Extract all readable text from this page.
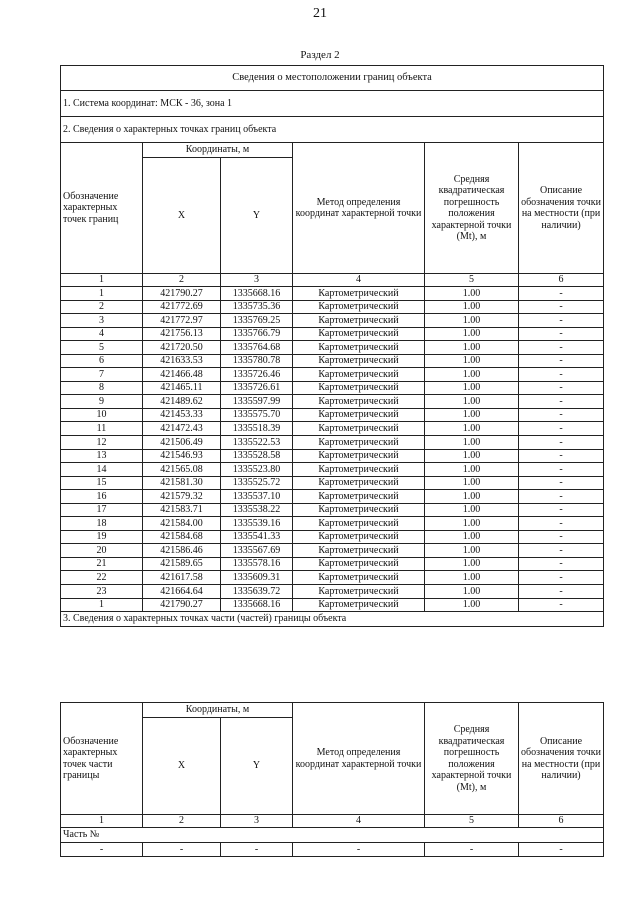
21
Раздел 2
Сведения о местоположении границ объекта					
1. Система координат: МСК - 36, зона 1					
2. Сведения о характерных точках границ объекта					
Обозначение характерных точек границ	Координаты, м		Метод определения координат характерной точки	Средняя квадратическая погрешность положения характерной точки (Mt), м	Описание обозначения точки на местности (при наличии)
	X	Y			
1	2	3	4	5	6
1	421790.27	1335668.16	Картометрический	1.00	-
2	421772.69	1335735.36	Картометрический	1.00	-
3	421772.97	1335769.25	Картометрический	1.00	-
4	421756.13	1335766.79	Картометрический	1.00	-
5	421720.50	1335764.68	Картометрический	1.00	-
6	421633.53	1335780.78	Картометрический	1.00	-
7	421466.48	1335726.46	Картометрический	1.00	-
8	421465.11	1335726.61	Картометрический	1.00	-
9	421489.62	1335597.99	Картометрический	1.00	-
10	421453.33	1335575.70	Картометрический	1.00	-
11	421472.43	1335518.39	Картометрический	1.00	-
12	421506.49	1335522.53	Картометрический	1.00	-
13	421546.93	1335528.58	Картометрический	1.00	-
14	421565.08	1335523.80	Картометрический	1.00	-
15	421581.30	1335525.72	Картометрический	1.00	-
16	421579.32	1335537.10	Картометрический	1.00	-
17	421583.71	1335538.22	Картометрический	1.00	-
18	421584.00	1335539.16	Картометрический	1.00	-
19	421584.68	1335541.33	Картометрический	1.00	-
20	421586.46	1335567.69	Картометрический	1.00	-
21	421589.65	1335578.16	Картометрический	1.00	-
22	421617.58	1335609.31	Картометрический	1.00	-
23	421664.64	1335639.72	Картометрический	1.00	-
1	421790.27	1335668.16	Картометрический	1.00	-
3. Сведения о характерных точках части (частей) границы объекта					
Обозначение характерных точек части границы	Координаты, м		Метод определения координат характерной точки	Средняя квадратическая погрешность положения характерной точки (Mt), м	Описание обозначения точки на местности (при наличии)
	X	Y			
1	2	3	4	5	6
Часть №					
-	-	-	-	-	-
